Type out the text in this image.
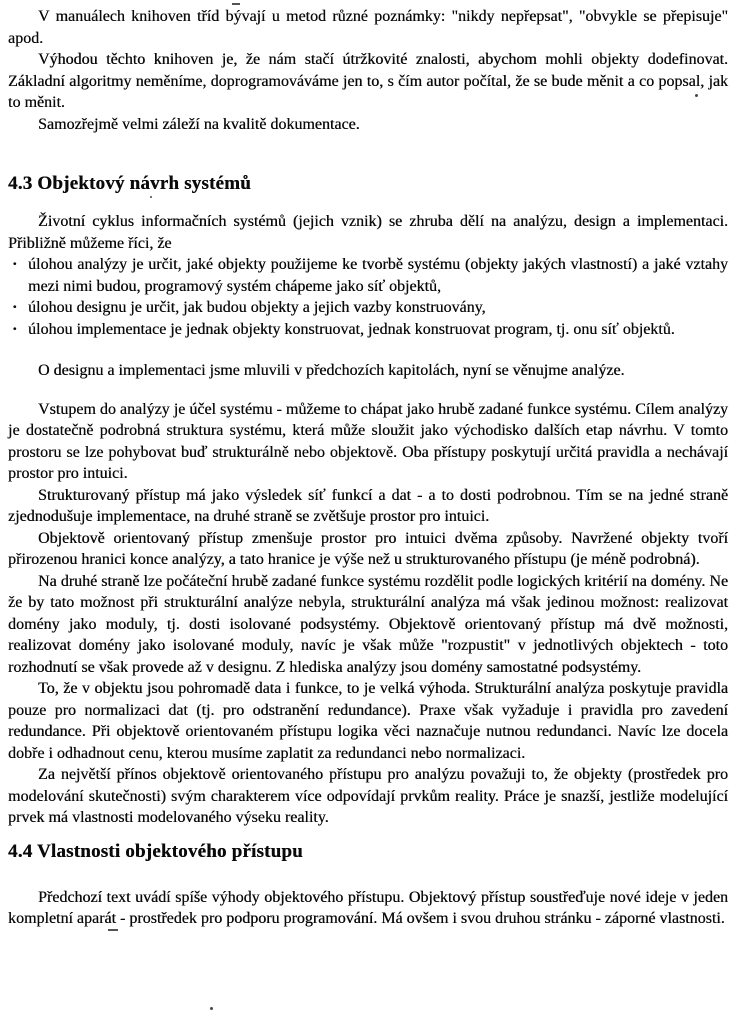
V manuálech knihoven tříd bývají u metod různé poznámky: "nikdy nepřepsat", "obvykle se přepisuje" apod.

Výhodou těchto knihoven je, že nám stačí útržkovité znalosti, abychom mohli objekty dodefinovat. Základní algoritmy neměníme, doprogramováváme jen to, s čím autor počítal, že se bude měnit a co popsal, jak to měnit.

Samozřejmě velmi záleží na kvalitě dokumentace.

4.3 Objektový návrh systémů

Životní cyklus informačních systémů (jejich vznik) se zhruba dělí na analýzu, design a implementaci. Přibližně můžeme říci, že

· úlohou analýzy je určit, jaké objekty použijeme ke tvorbě systému (objekty jakých vlastností) a jaké vztahy mezi nimi budou, programový systém chápeme jako síť objektů,
· úlohou designu je určit, jak budou objekty a jejich vazby konstruovány,
· úlohou implementace je jednak objekty konstruovat, jednak konstruovat program, tj. onu síť objektů.

O designu a implementaci jsme mluvili v předchozích kapitolách, nyní se věnujme analýze.

Vstupem do analýzy je účel systému - můžeme to chápat jako hrubě zadané funkce systému. Cílem analýzy je dostatečně podrobná struktura systému, která může sloužit jako východisko dalších etap návrhu. V tomto prostoru se lze pohybovat buď strukturálně nebo objektově. Oba přístupy poskytují určitá pravidla a nechávají prostor pro intuici.

Strukturovaný přístup má jako výsledek síť funkcí a dat - a to dosti podrobnou. Tím se na jedné straně zjednodušuje implementace, na druhé straně se zvětšuje prostor pro intuici.

Objektově orientovaný přístup zmenšuje prostor pro intuici dvěma způsoby. Navržené objekty tvoří přirozenou hranici konce analýzy, a tato hranice je výše než u strukturovaného přístupu (je méně podrobná).

Na druhé straně lze počáteční hrubě zadané funkce systému rozdělit podle logických kritérií na domény. Ne že by tato možnost při strukturální analýze nebyla, strukturální analýza má však jedinou možnost: realizovat domény jako moduly, tj. dosti isolované podsystémy. Objektově orientovaný přístup má dvě možnosti, realizovat domény jako isolované moduly, navíc je však může "rozpustit" v jednotlivých objektech - toto rozhodnutí se však provede až v designu. Z hlediska analýzy jsou domény samostatné podsystémy.

To, že v objektu jsou pohromadě data i funkce, to je velká výhoda. Strukturální analýza poskytuje pravidla pouze pro normalizaci dat (tj. pro odstranění redundance). Praxe však vyžaduje i pravidla pro zavedení redundance. Při objektově orientovaném přístupu logika věci naznačuje nutnou redundanci. Navíc lze docela dobře i odhadnout cenu, kterou musíme zaplatit za redundanci nebo normalizaci.

Za největší přínos objektově orientovaného přístupu pro analýzu považuji to, že objekty (prostředek pro modelování skutečnosti) svým charakterem více odpovídají prvkům reality. Práce je snazší, jestliže modelující prvek má vlastnosti modelovaného výseku reality.

4.4 Vlastnosti objektového přístupu

Předchozí text uvádí spíše výhody objektového přístupu. Objektový přístup soustřeďuje nové ideje v jeden kompletní aparát - prostředek pro podporu programování. Má ovšem i svou druhou stránku - záporné vlastnosti.
